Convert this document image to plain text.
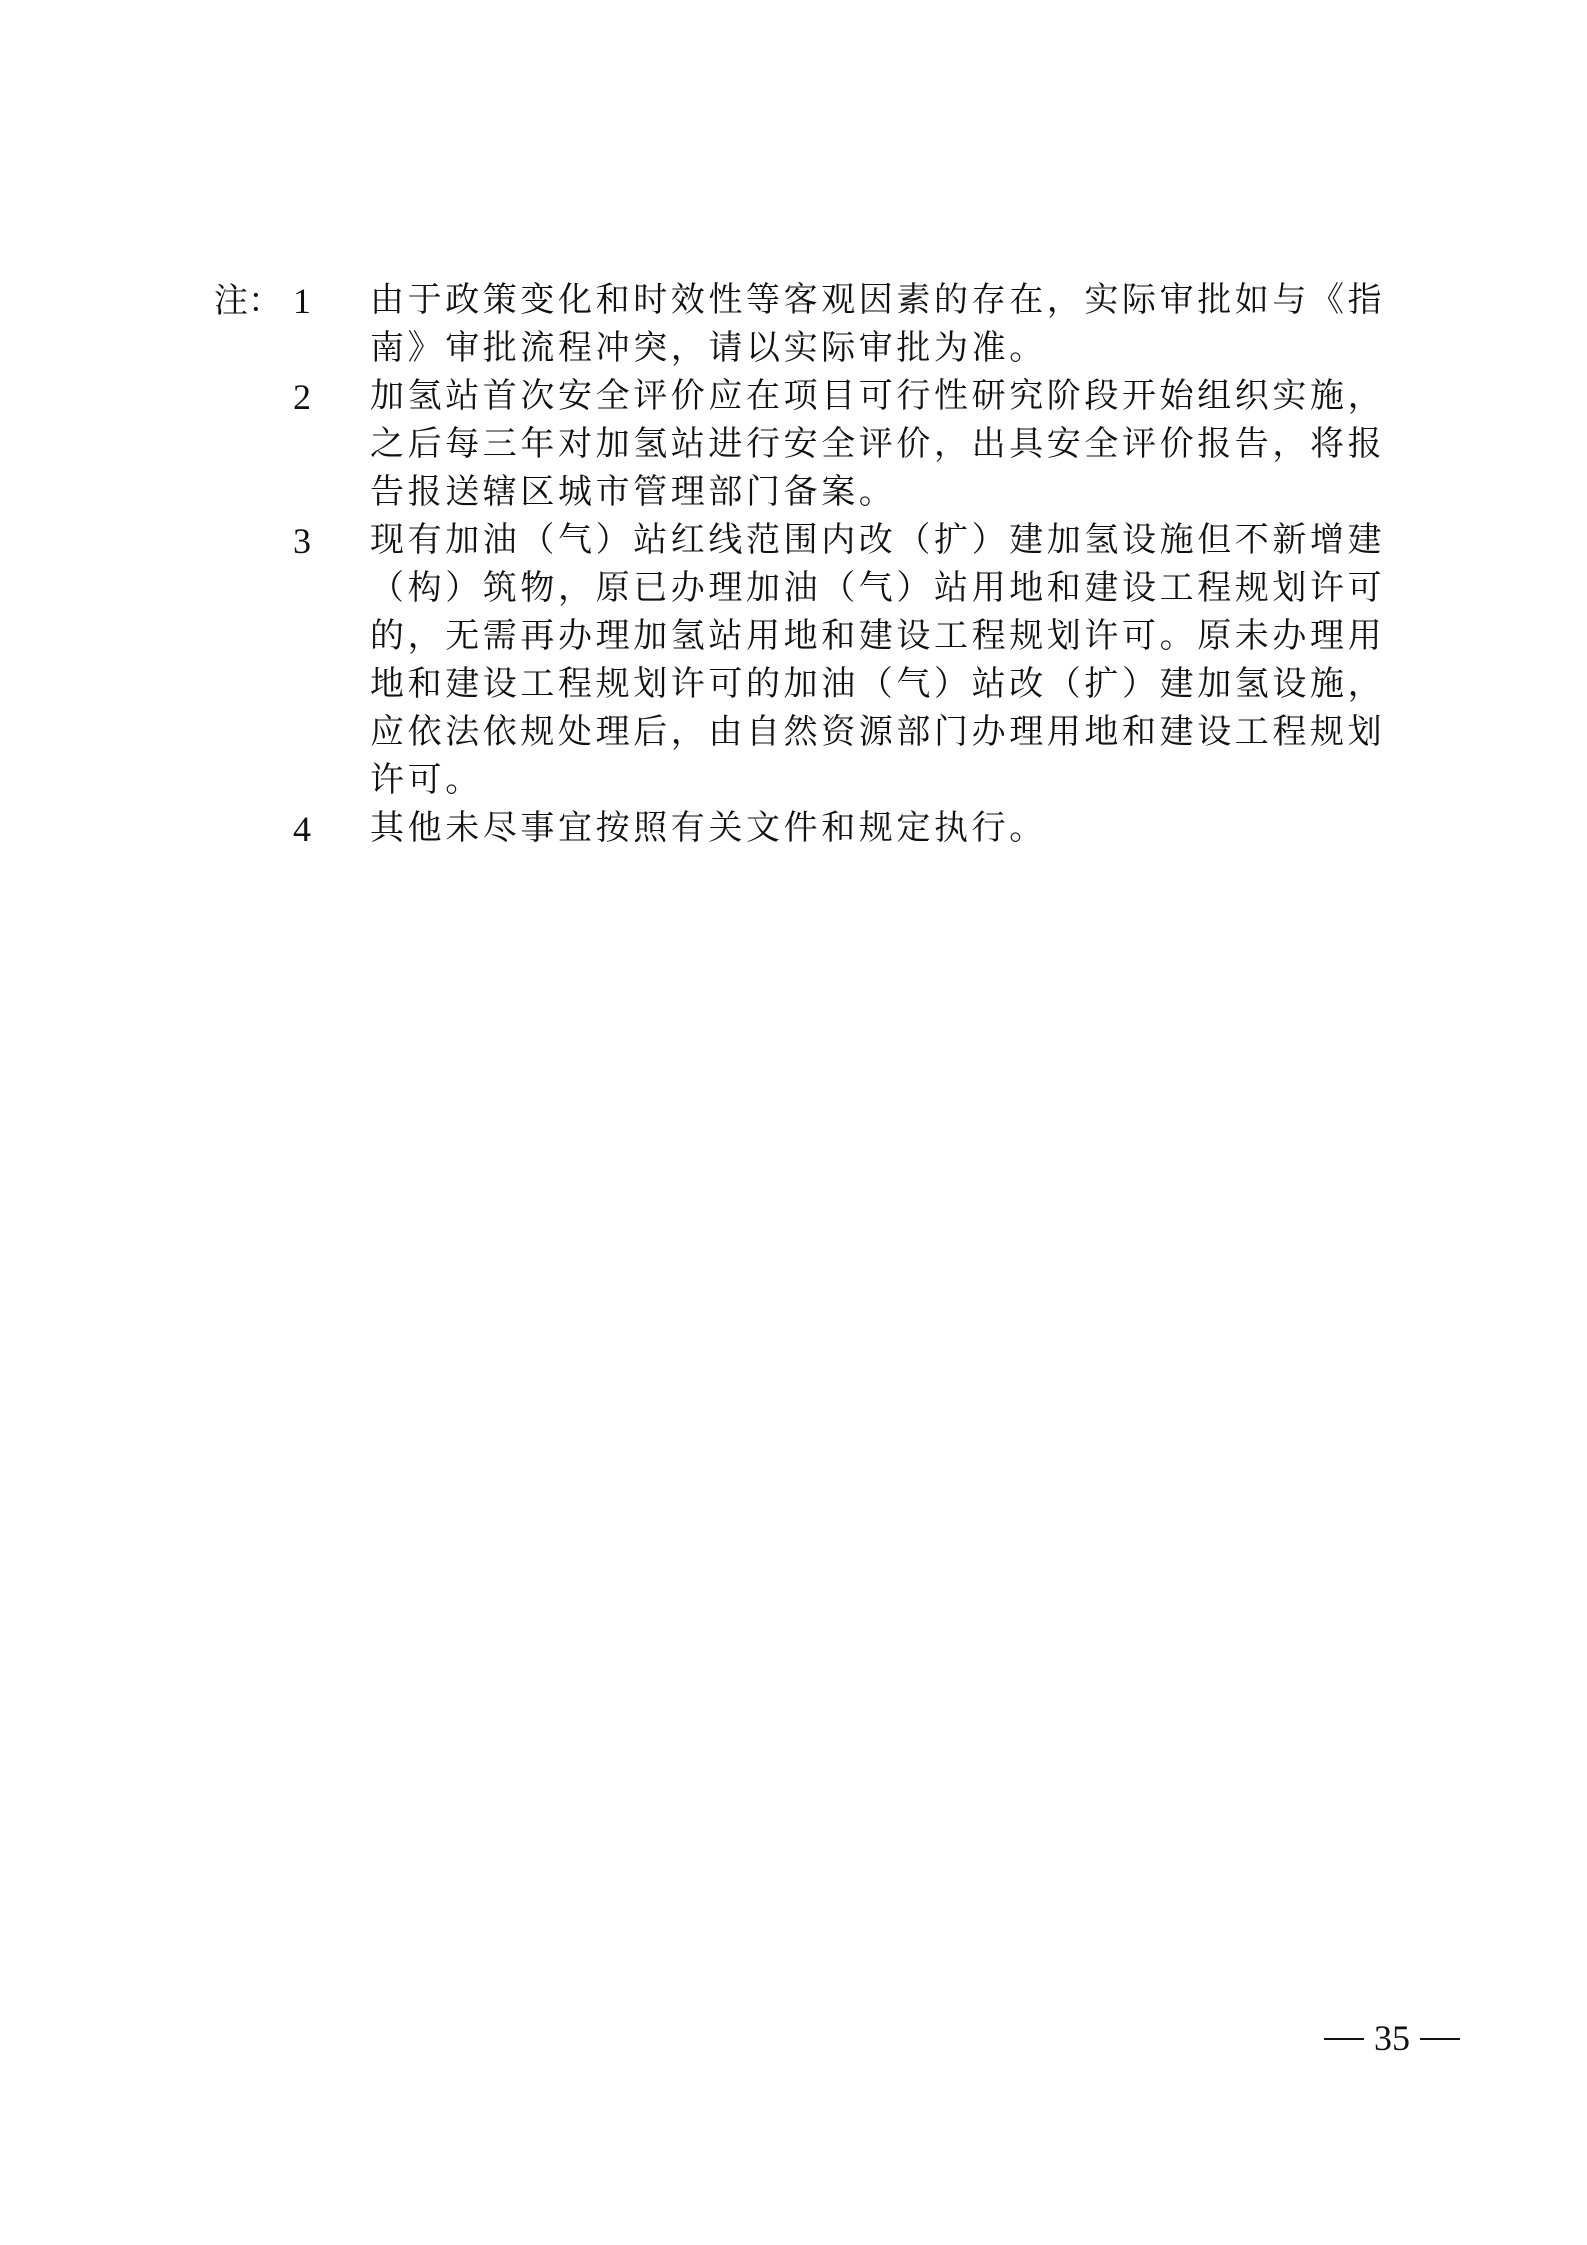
注： 1 由于政策变化和时效性等客观因素的存在，实际审批如与《指
南》审批流程冲突，请以实际审批为准。
2 加氢站首次安全评价应在项目可行性研究阶段开始组织实施，
之后每三年对加氢站进行安全评价，出具安全评价报告，将报
告报送辖区城市管理部门备案。
3 现有加油（气）站红线范围内改（扩）建加氢设施但不新增建
（构）筑物，原已办理加油（气）站用地和建设工程规划许可
的，无需再办理加氢站用地和建设工程规划许可。原未办理用
地和建设工程规划许可的加油（气）站改（扩）建加氢设施，
应依法依规处理后，由自然资源部门办理用地和建设工程规划
许可。
4 其他未尽事宜按照有关文件和规定执行。
35
